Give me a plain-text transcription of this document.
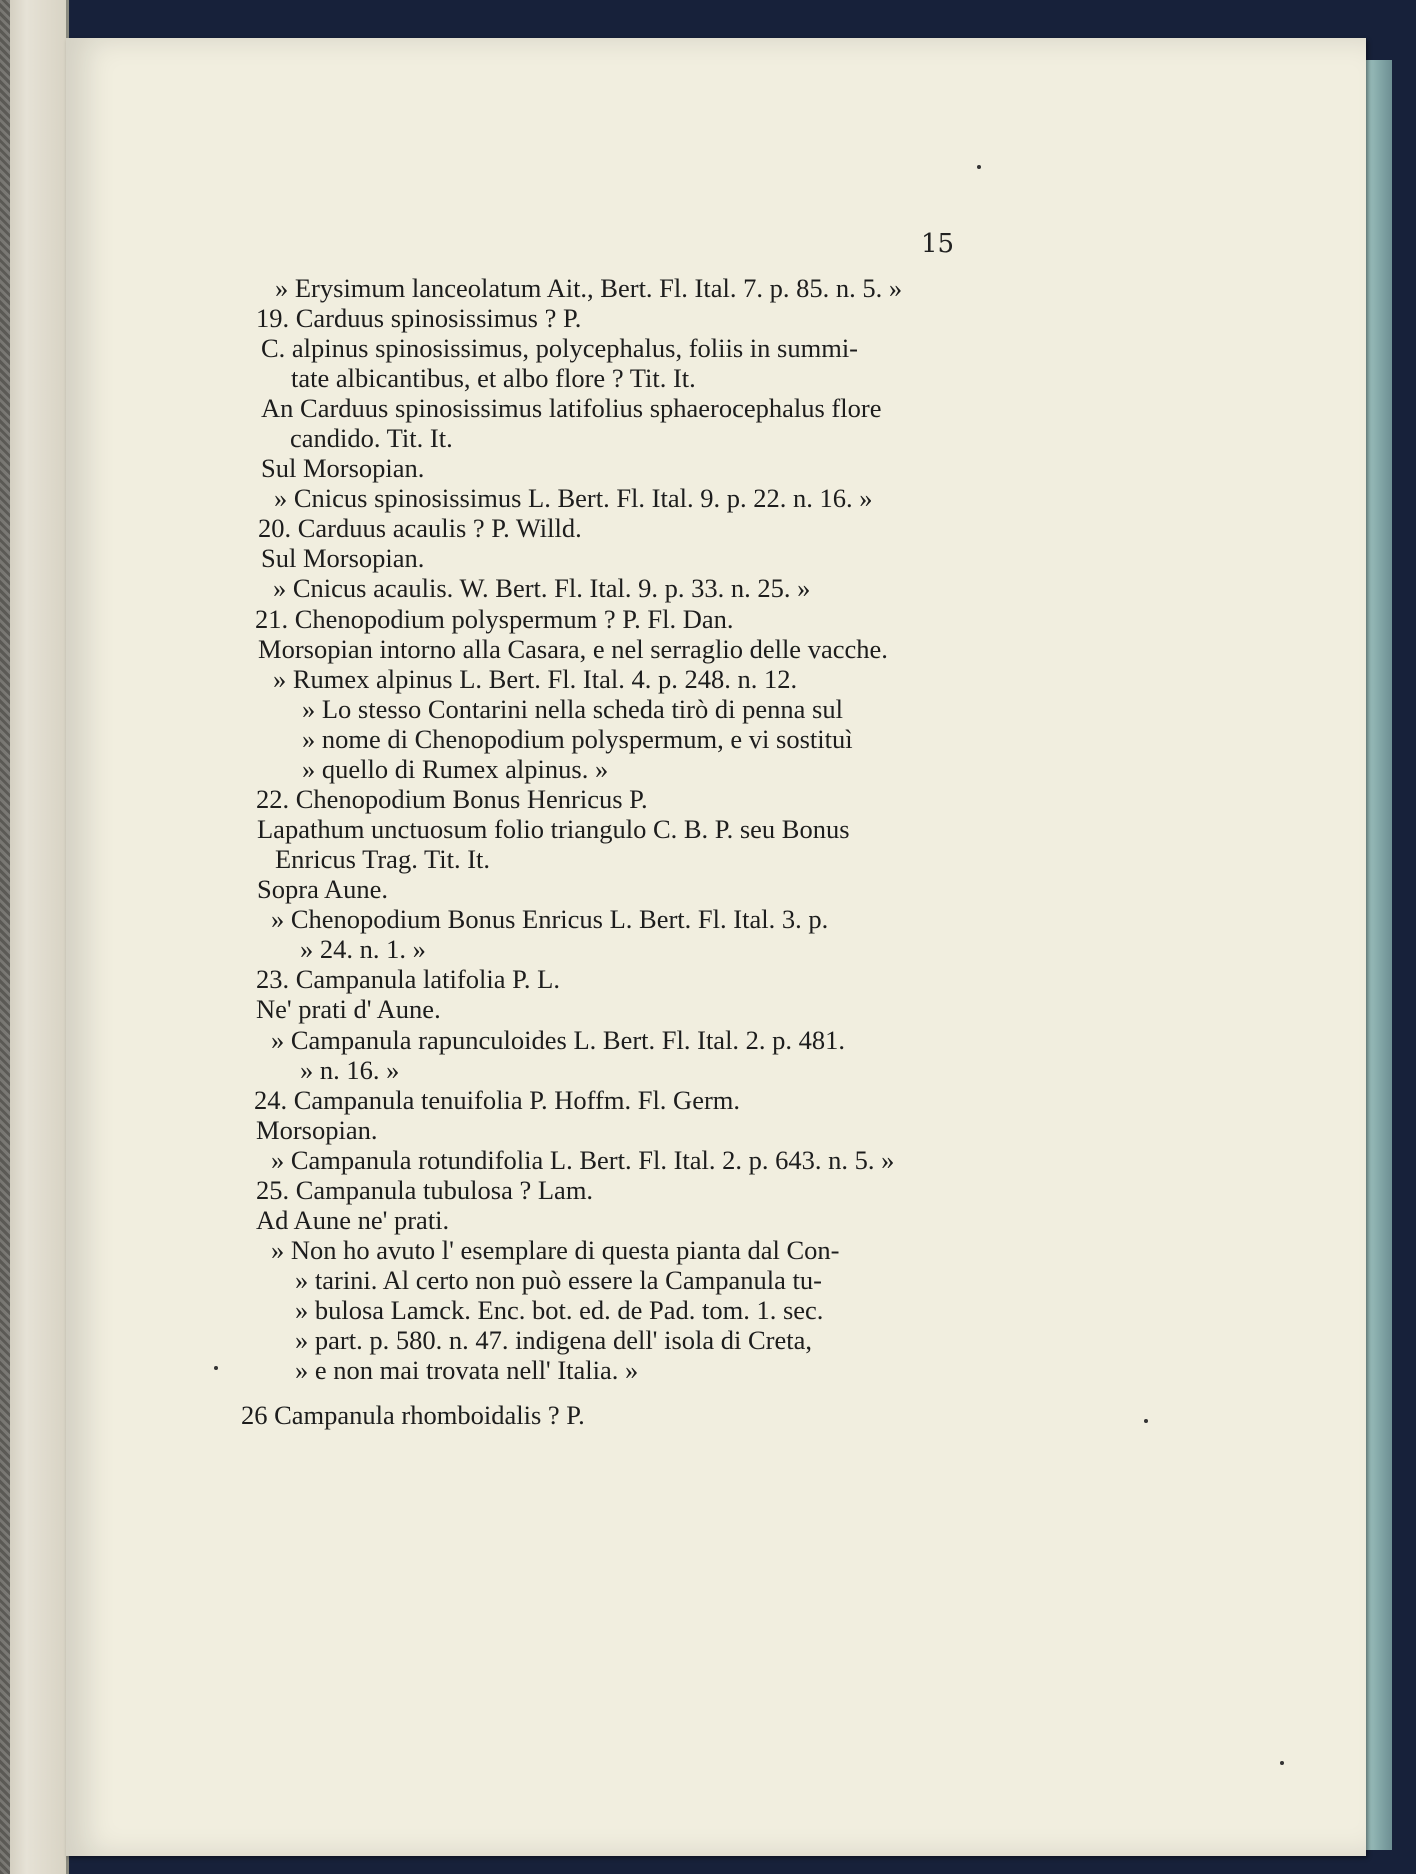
15
» Erysimum lanceolatum Ait., Bert. Fl. Ital. 7. p. 85. n. 5. »
19. Carduus spinosissimus ? P.
C. alpinus spinosissimus, polycephalus, foliis in summi-
tate albicantibus, et albo flore ? Tit. It.
An Carduus spinosissimus latifolius sphaerocephalus flore
candido. Tit. It.
Sul Morsopian.
» Cnicus spinosissimus L. Bert. Fl. Ital. 9. p. 22. n. 16. »
20. Carduus acaulis ? P. Willd.
Sul Morsopian.
» Cnicus acaulis. W. Bert. Fl. Ital. 9. p. 33. n. 25. »
21. Chenopodium polyspermum ? P. Fl. Dan.
Morsopian intorno alla Casara, e nel serraglio delle vacche.
» Rumex alpinus L. Bert. Fl. Ital. 4. p. 248. n. 12.
» Lo stesso Contarini nella scheda tirò di penna sul
» nome di Chenopodium polyspermum, e vi sostituì
» quello di Rumex alpinus. »
22. Chenopodium Bonus Henricus P.
Lapathum unctuosum folio triangulo C. B. P. seu Bonus
Enricus Trag. Tit. It.
Sopra Aune.
» Chenopodium Bonus Enricus L. Bert. Fl. Ital. 3. p.
» 24. n. 1. »
23. Campanula latifolia P. L.
Ne' prati d' Aune.
» Campanula rapunculoides L. Bert. Fl. Ital. 2. p. 481.
» n. 16. »
24. Campanula tenuifolia P. Hoffm. Fl. Germ.
Morsopian.
» Campanula rotundifolia L. Bert. Fl. Ital. 2. p. 643. n. 5. »
25. Campanula tubulosa ? Lam.
Ad Aune ne' prati.
» Non ho avuto l' esemplare di questa pianta dal Con-
» tarini. Al certo non può essere la Campanula tu-
» bulosa Lamck. Enc. bot. ed. de Pad. tom. 1. sec.
» part. p. 580. n. 47. indigena dell' isola di Creta,
» e non mai trovata nell' Italia. »
26 Campanula rhomboidalis ? P.
